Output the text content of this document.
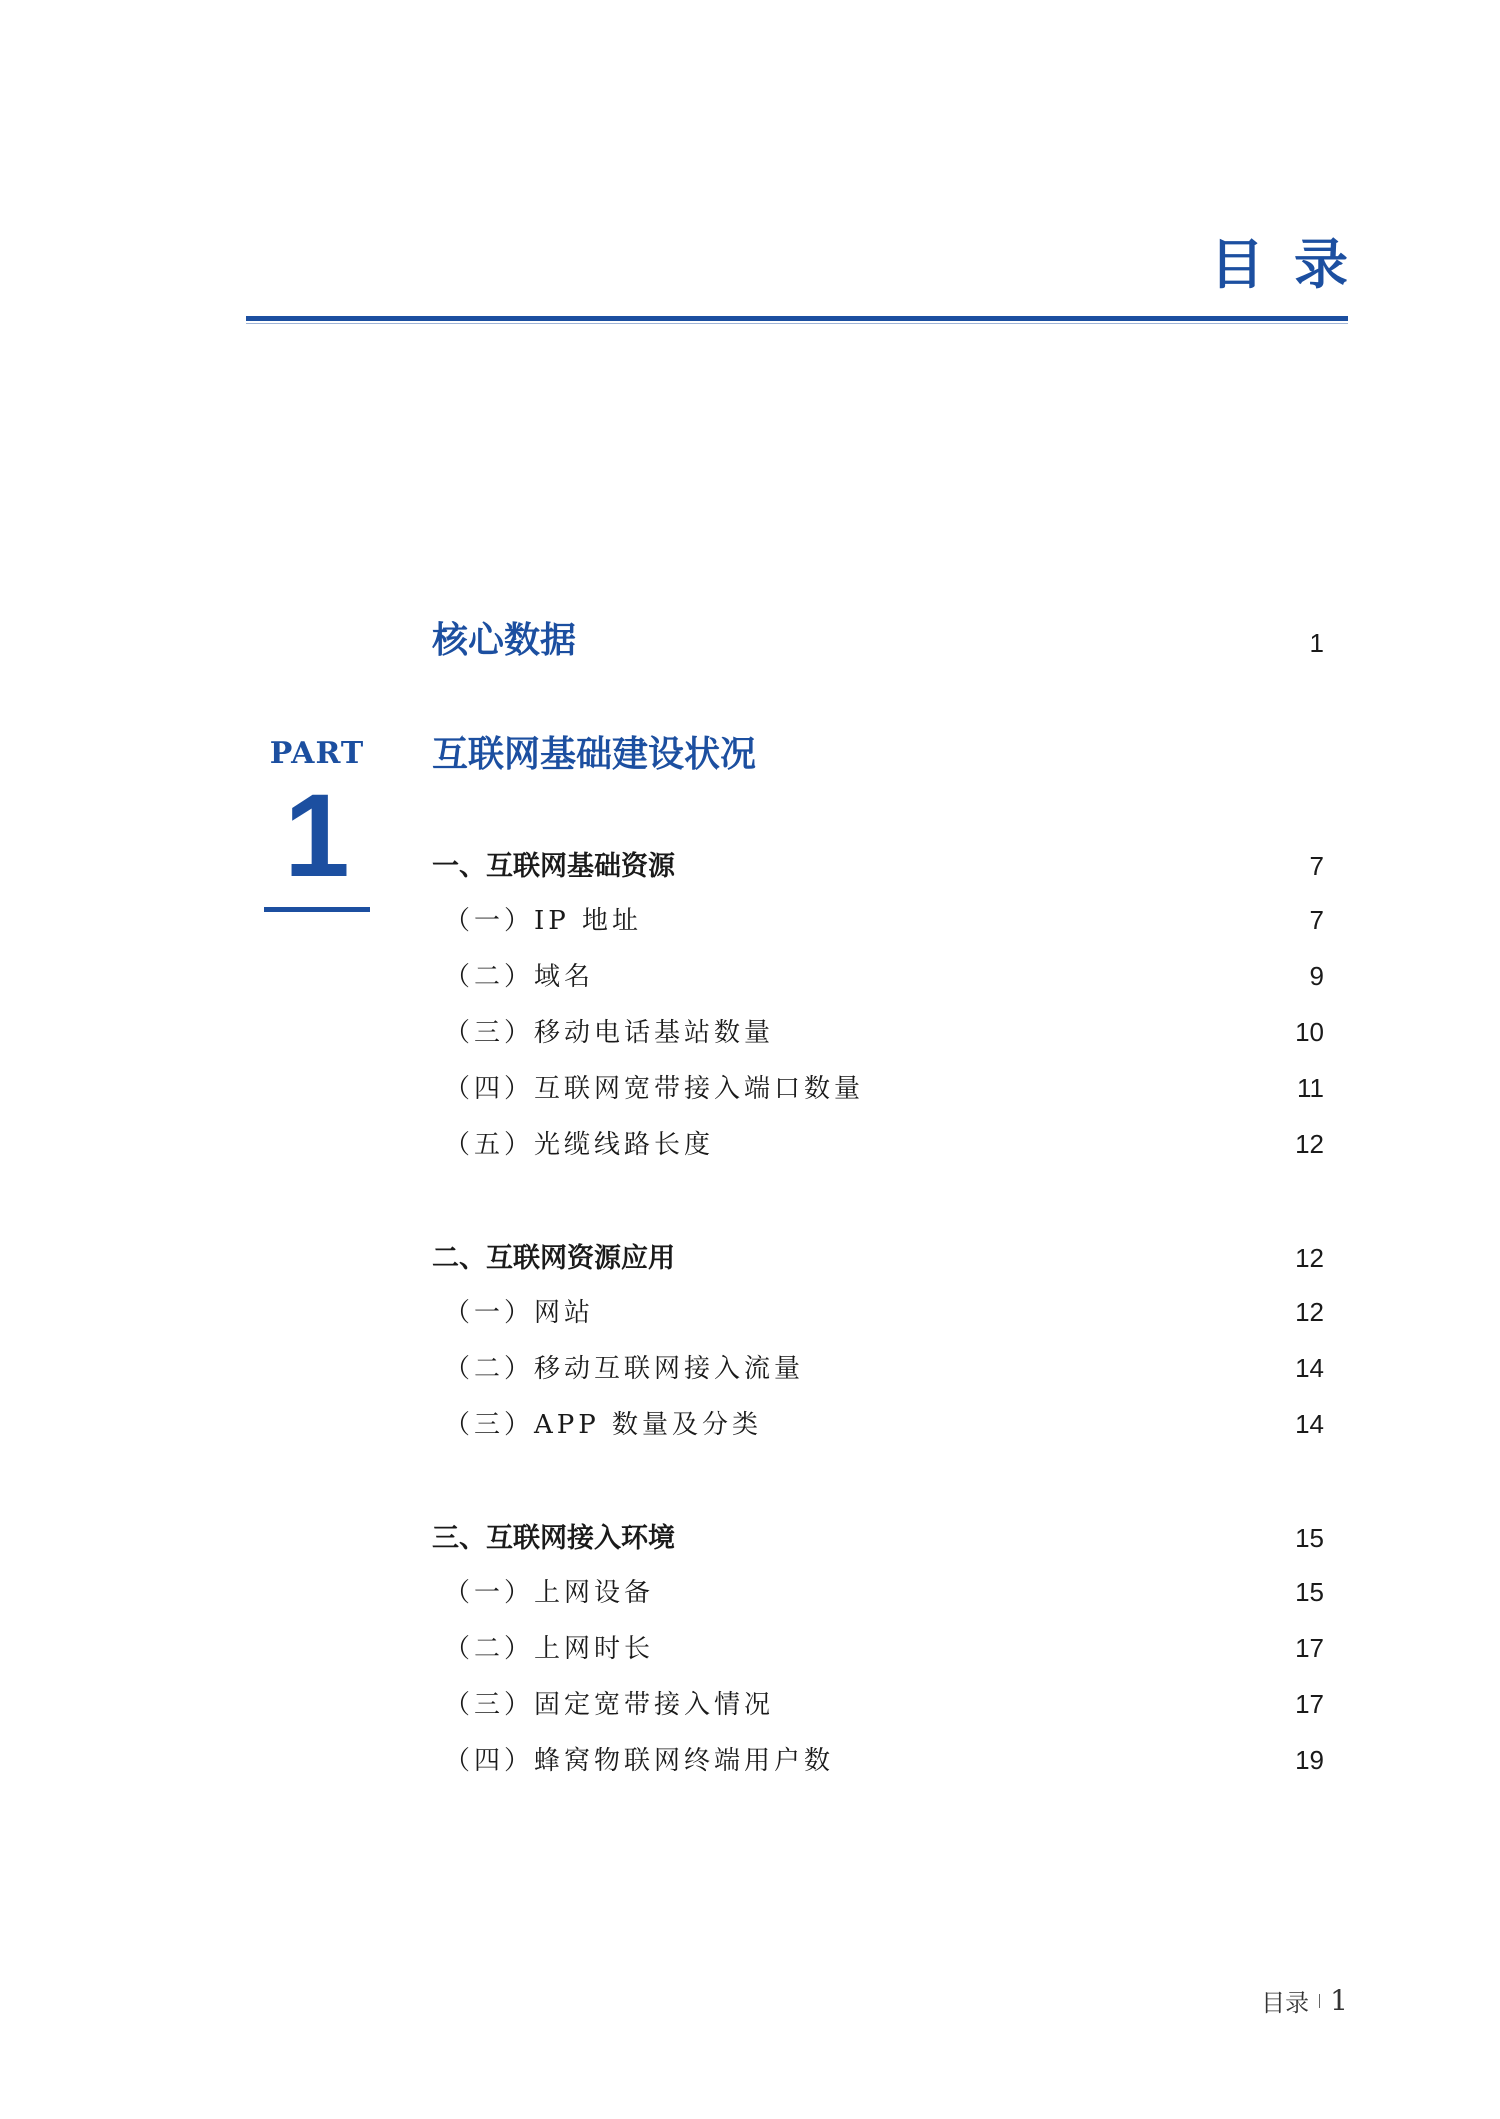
目录
PART
1
核心数据	1
互联网基础建设状况
一、互联网基础资源	7
（一）IP 地址	7
（二）域名	9
（三）移动电话基站数量	10
（四）互联网宽带接入端口数量	11
（五）光缆线路长度	12
二、互联网资源应用	12
（一）网站	12
（二）移动互联网接入流量	14
（三）APP 数量及分类	14
三、互联网接入环境	15
（一）上网设备	15
（二）上网时长	17
（三）固定宽带接入情况	17
（四）蜂窝物联网终端用户数	19
目录 1
